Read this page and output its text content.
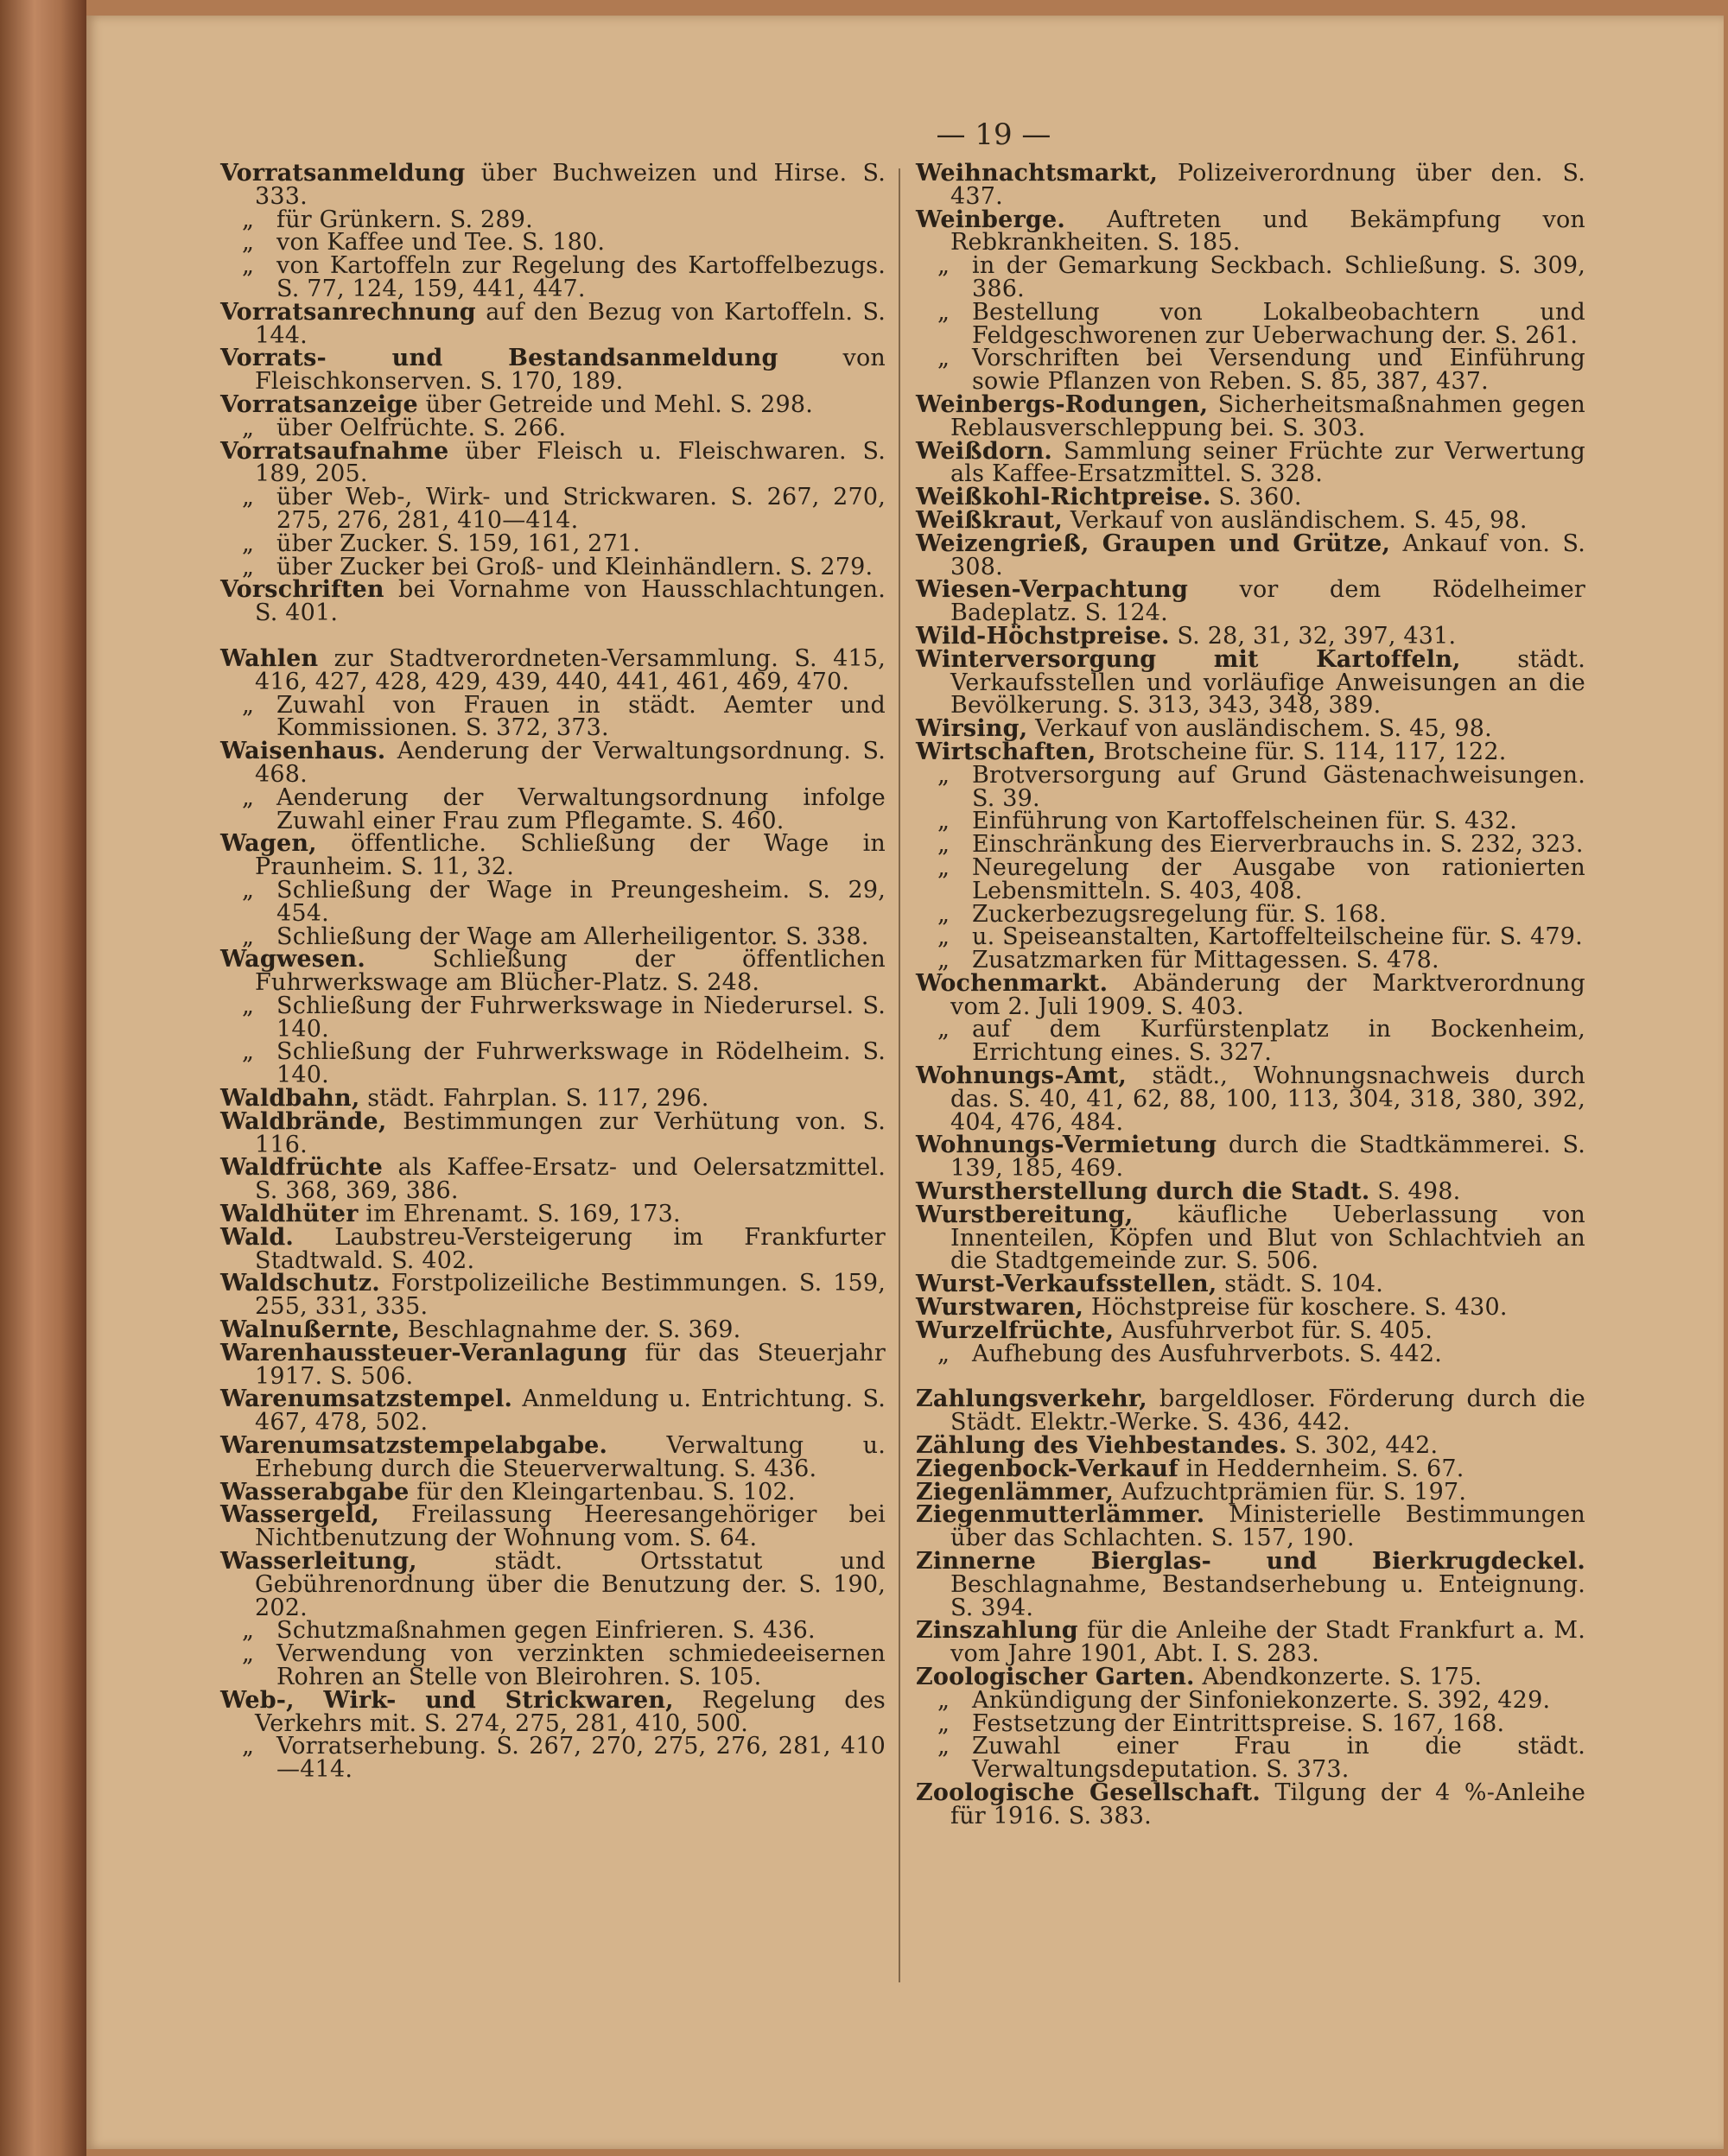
— 19 —
Vorratsanmeldung über Buchweizen und Hirse. S. 333.
„ für Grünkern. S. 289.
„ von Kaffee und Tee. S. 180.
„ von Kartoffeln zur Regelung des Kartoffelbezugs. S. 77, 124, 159, 441, 447.
Vorratsanrechnung auf den Bezug von Kartoffeln. S. 144.
Vorrats- und Bestandsanmeldung von Fleischkonserven. S. 170, 189.
Vorratsanzeige über Getreide und Mehl. S. 298.
„ über Oelfrüchte. S. 266.
Vorratsaufnahme über Fleisch u. Fleischwaren. S. 189, 205.
„ über Web-, Wirk- und Strickwaren. S. 267, 270, 275, 276, 281, 410—414.
„ über Zucker. S. 159, 161, 271.
„ über Zucker bei Groß- und Kleinhändlern. S. 279.
Vorschriften bei Vornahme von Hausschlachtungen. S. 401.
Wahlen zur Stadtverordneten-Versammlung. S. 415, 416, 427, 428, 429, 439, 440, 441, 461, 469, 470.
„ Zuwahl von Frauen in städt. Aemter und Kommissionen. S. 372, 373.
Waisenhaus. Aenderung der Verwaltungsordnung. S. 468.
„ Aenderung der Verwaltungsordnung infolge Zuwahl einer Frau zum Pflegamte. S. 460.
Wagen, öffentliche. Schließung der Wage in Praunheim. S. 11, 32.
„ Schließung der Wage in Preungesheim. S. 29, 454.
„ Schließung der Wage am Allerheiligentor. S. 338.
Wagwesen. Schließung der öffentlichen Fuhrwerkswage am Blücher-Platz. S. 248.
„ Schließung der Fuhrwerkswage in Niederursel. S. 140.
„ Schließung der Fuhrwerkswage in Rödelheim. S. 140.
Waldbahn, städt. Fahrplan. S. 117, 296.
Waldbrände, Bestimmungen zur Verhütung von. S. 116.
Waldfrüchte als Kaffee-Ersatz- und Oelersatzmittel. S. 368, 369, 386.
Waldhüter im Ehrenamt. S. 169, 173.
Wald. Laubstreu-Versteigerung im Frankfurter Stadtwald. S. 402.
Waldschutz. Forstpolizeiliche Bestimmungen. S. 159, 255, 331, 335.
Walnußernte, Beschlagnahme der. S. 369.
Warenhaussteuer-Veranlagung für das Steuerjahr 1917. S. 506.
Warenumsatzstempel. Anmeldung u. Entrichtung. S. 467, 478, 502.
Warenumsatzstempelabgabe. Verwaltung u. Erhebung durch die Steuerverwaltung. S. 436.
Wasserabgabe für den Kleingartenbau. S. 102.
Wassergeld, Freilassung Heeresangehöriger bei Nichtbenutzung der Wohnung vom. S. 64.
Wasserleitung, städt. Ortsstatut und Gebührenordnung über die Benutzung der. S. 190, 202.
„ Schutzmaßnahmen gegen Einfrieren. S. 436.
„ Verwendung von verzinkten schmiedeeisernen Rohren an Stelle von Bleirohren. S. 105.
Web-, Wirk- und Strickwaren, Regelung des Verkehrs mit. S. 274, 275, 281, 410, 500.
„ Vorratserhebung. S. 267, 270, 275, 276, 281, 410—414.
Weihnachtsmarkt, Polizeiverordnung über den. S. 437.
Weinberge. Auftreten und Bekämpfung von Rebkrankheiten. S. 185.
„ in der Gemarkung Seckbach. Schließung. S. 309, 386.
„ Bestellung von Lokalbeobachtern und Feldgeschworenen zur Ueberwachung der. S. 261.
„ Vorschriften bei Versendung und Einführung sowie Pflanzen von Reben. S. 85, 387, 437.
Weinbergs-Rodungen, Sicherheitsmaßnahmen gegen Reblausverschleppung bei. S. 303.
Weißdorn. Sammlung seiner Früchte zur Verwertung als Kaffee-Ersatzmittel. S. 328.
Weißkohl-Richtpreise. S. 360.
Weißkraut, Verkauf von ausländischem. S. 45, 98.
Weizengrieß, Graupen und Grütze, Ankauf von. S. 308.
Wiesen-Verpachtung vor dem Rödelheimer Badeplatz. S. 124.
Wild-Höchstpreise. S. 28, 31, 32, 397, 431.
Winterversorgung mit Kartoffeln, städt. Verkaufsstellen und vorläufige Anweisungen an die Bevölkerung. S. 313, 343, 348, 389.
Wirsing, Verkauf von ausländischem. S. 45, 98.
Wirtschaften, Brotscheine für. S. 114, 117, 122.
„ Brotversorgung auf Grund Gästenachweisungen. S. 39.
„ Einführung von Kartoffelscheinen für. S. 432.
„ Einschränkung des Eierverbrauchs in. S. 232, 323.
„ Neuregelung der Ausgabe von rationierten Lebensmitteln. S. 403, 408.
„ Zuckerbezugsregelung für. S. 168.
„ u. Speiseanstalten, Kartoffelteilscheine für. S. 479.
„ Zusatzmarken für Mittagessen. S. 478.
Wochenmarkt. Abänderung der Marktverordnung vom 2. Juli 1909. S. 403.
„ auf dem Kurfürstenplatz in Bockenheim, Errichtung eines. S. 327.
Wohnungs-Amt, städt., Wohnungsnachweis durch das. S. 40, 41, 62, 88, 100, 113, 304, 318, 380, 392, 404, 476, 484.
Wohnungs-Vermietung durch die Stadtkämmerei. S. 139, 185, 469.
Wurstherstellung durch die Stadt. S. 498.
Wurstbereitung, käufliche Ueberlassung von Innenteilen, Köpfen und Blut von Schlachtvieh an die Stadtgemeinde zur. S. 506.
Wurst-Verkaufsstellen, städt. S. 104.
Wurstwaren, Höchstpreise für koschere. S. 430.
Wurzelfrüchte, Ausfuhrverbot für. S. 405.
„ Aufhebung des Ausfuhrverbots. S. 442.
Zahlungsverkehr, bargeldloser. Förderung durch die Städt. Elektr.-Werke. S. 436, 442.
Zählung des Viehbestandes. S. 302, 442.
Ziegenbock-Verkauf in Heddernheim. S. 67.
Ziegenlämmer, Aufzuchtprämien für. S. 197.
Ziegenmutterlämmer. Ministerielle Bestimmungen über das Schlachten. S. 157, 190.
Zinnerne Bierglas- und Bierkrugdeckel. Beschlagnahme, Bestandserhebung u. Enteignung. S. 394.
Zinszahlung für die Anleihe der Stadt Frankfurt a. M. vom Jahre 1901, Abt. I. S. 283.
Zoologischer Garten. Abendkonzerte. S. 175.
„ Ankündigung der Sinfoniekonzerte. S. 392, 429.
„ Festsetzung der Eintrittspreise. S. 167, 168.
„ Zuwahl einer Frau in die städt. Verwaltungsdeputation. S. 373.
Zoologische Gesellschaft. Tilgung der 4 %-Anleihe für 1916. S. 383.
